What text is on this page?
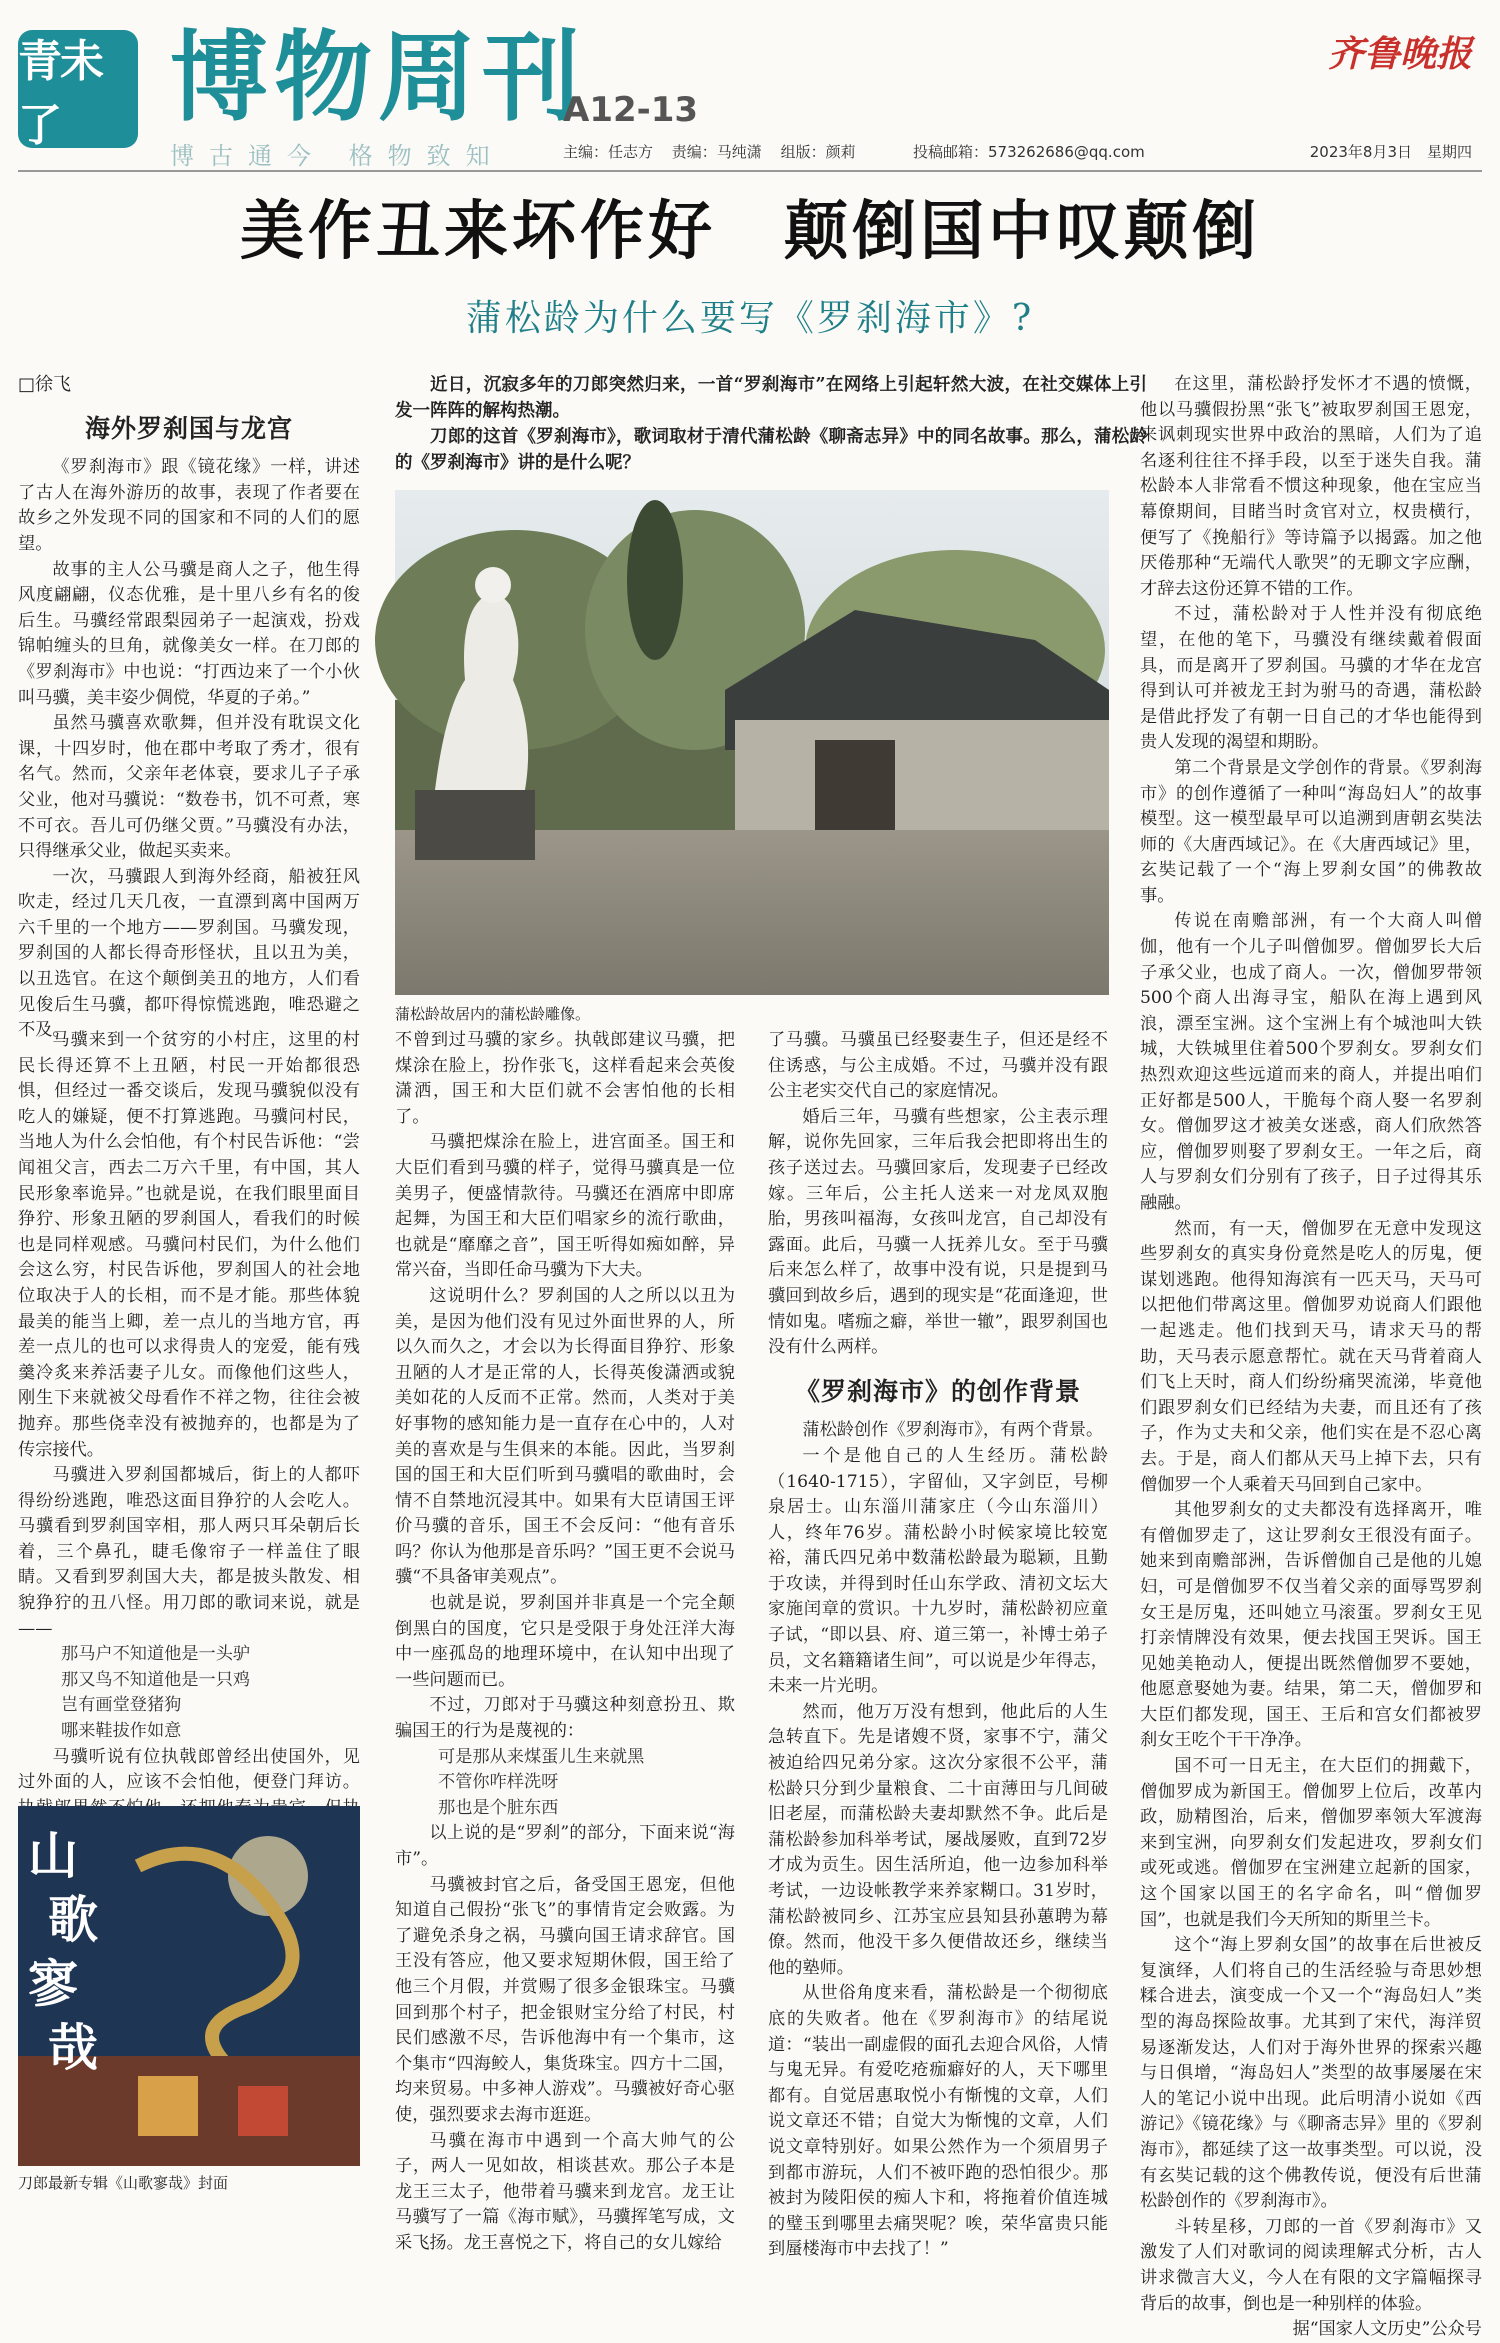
青未了	博物周刊
A12-13
博古通今 格物致知
齐鲁晚报
主编：任志方 责编：马纯潇 组版：颜莉	投稿邮箱：573262686@qq.com	2023年8月3日　星期四
美作丑来坏作好　颠倒国中叹颠倒
蒲松龄为什么要写《罗刹海市》?
□徐飞
海外罗刹国与龙宫

《罗刹海市》跟《镜花缘》一样，讲述了古人在海外游历的故事，表现了作者要在故乡之外发现不同的国家和不同的人们的愿望。

故事的主人公马骥是商人之子，他生得风度翩翩，仪态优雅，是十里八乡有名的俊后生。马骥经常跟梨园弟子一起演戏，扮戏锦帕缠头的旦角，就像美女一样。在刀郎的《罗刹海市》中也说：“打西边来了一个小伙叫马骥，美丰姿少倜傥，华夏的子弟。”

虽然马骥喜欢歌舞，但并没有耽误文化课，十四岁时，他在郡中考取了秀才，很有名气。然而，父亲年老体衰，要求儿子子承父业，他对马骥说：“数卷书，饥不可煮，寒不可衣。吾儿可仍继父贾。”马骥没有办法，只得继承父业，做起买卖来。

一次，马骥跟人到海外经商，船被狂风吹走，经过几天几夜，一直漂到离中国两万六千里的一个地方——罗刹国。马骥发现，罗刹国的人都长得奇形怪状，且以丑为美，以丑选官。在这个颠倒美丑的地方，人们看见俊后生马骥，都吓得惊慌逃跑，唯恐避之不及。

近日，沉寂多年的刀郎突然归来，一首“罗刹海市”在网络上引起轩然大波，在社交媒体上引发一阵阵的解构热潮。

刀郎的这首《罗刹海市》，歌词取材于清代蒲松龄《聊斋志异》中的同名故事。那么，蒲松龄的《罗刹海市》讲的是什么呢？

蒲松龄故居内的蒲松龄雕像。

在这里，蒲松龄抒发怀才不遇的愤慨，他以马骥假扮黑“张飞”被取罗刹国王恩宠，来讽刺现实世界中政治的黑暗，人们为了追名逐利往往不择手段，以至于迷失自我。蒲松龄本人非常看不惯这种现象，他在宝应当幕僚期间，目睹当时贪官对立，权贵横行，便写了《挽船行》等诗篇予以揭露。加之他厌倦那种“无端代人歌哭”的无聊文字应酬，才辞去这份还算不错的工作。

不过，蒲松龄对于人性并没有彻底绝望，在他的笔下，马骥没有继续戴着假面具，而是离开了罗刹国。马骥的才华在龙宫得到认可并被龙王封为驸马的奇遇，蒲松龄是借此抒发了有朝一日自己的才华也能得到贵人发现的渴望和期盼。

第二个背景是文学创作的背景。《罗刹海市》的创作遵循了一种叫“海岛妇人”的故事模型。这一模型最早可以追溯到唐朝玄奘法师的《大唐西域记》。在《大唐西域记》里，玄奘记载了一个“海上罗刹女国”的佛教故事。

传说在南赡部洲，有一个大商人叫僧伽，他有一个儿子叫僧伽罗。僧伽罗长大后子承父业，也成了商人。一次，僧伽罗带领500个商人出海寻宝，船队在海上遇到风浪，漂至宝洲。这个宝洲上有个城池叫大铁城，大铁城里住着500个罗刹女。罗刹女们热烈欢迎这些远道而来的商人，并提出咱们正好都是500人，干脆每个商人娶一名罗刹女。僧伽罗这才被美女迷惑，商人们欣然答应，僧伽罗则娶了罗刹女王。一年之后，商人与罗刹女们分别有了孩子，日子过得其乐融融。

然而，有一天，僧伽罗在无意中发现这些罗刹女的真实身份竟然是吃人的厉鬼，便谋划逃跑。他得知海滨有一匹天马，天马可以把他们带离这里。僧伽罗劝说商人们跟他一起逃走。他们找到天马，请求天马的帮助，天马表示愿意帮忙。就在天马背着商人们飞上天时，商人们纷纷痛哭流涕，毕竟他们跟罗刹女们已经结为夫妻，而且还有了孩子，作为丈夫和父亲，他们实在是不忍心离去。于是，商人们都从天马上掉下去，只有僧伽罗一个人乘着天马回到自己家中。

其他罗刹女的丈夫都没有选择离开，唯有僧伽罗走了，这让罗刹女王很没有面子。她来到南赡部洲，告诉僧伽自己是他的儿媳妇，可是僧伽罗不仅当着父亲的面辱骂罗刹女王是厉鬼，还叫她立马滚蛋。罗刹女王见打亲情牌没有效果，便去找国王哭诉。国王见她美艳动人，便提出既然僧伽罗不要她，他愿意娶她为妻。结果，第二天，僧伽罗和大臣们都发现，国王、王后和宫女们都被罗刹女王吃个干干净净。

国不可一日无主，在大臣们的拥戴下，僧伽罗成为新国王。僧伽罗上位后，改革内政，励精图治，后来，僧伽罗率领大军渡海来到宝洲，向罗刹女们发起进攻，罗刹女们或死或逃。僧伽罗在宝洲建立起新的国家，这个国家以国王的名字命名，叫“僧伽罗国”，也就是我们今天所知的斯里兰卡。

这个“海上罗刹女国”的故事在后世被反复演绎，人们将自己的生活经验与奇思妙想糅合进去，演变成一个又一个“海岛妇人”类型的海岛探险故事。尤其到了宋代，海洋贸易逐渐发达，人们对于海外世界的探索兴趣与日俱增，“海岛妇人”类型的故事屡屡在宋人的笔记小说中出现。此后明清小说如《西游记》《镜花缘》与《聊斋志异》里的《罗刹海市》，都延续了这一故事类型。可以说，没有玄奘记载的这个佛教传说，便没有后世蒲松龄创作的《罗刹海市》。

斗转星移，刀郎的一首《罗刹海市》又激发了人们对歌词的阅读理解式分析，古人讲求微言大义，今人在有限的文字篇幅探寻背后的故事，倒也是一种别样的体验。

据“国家人文历史”公众号

马骥来到一个贫穷的小村庄，这里的村民长得还算不上丑陋，村民一开始都很恐惧，但经过一番交谈后，发现马骥貌似没有吃人的嫌疑，便不打算逃跑。马骥问村民，当地人为什么会怕他，有个村民告诉他：“尝闻祖父言，西去二万六千里，有中国，其人民形象率诡异。”也就是说，在我们眼里面目狰狞、形象丑陋的罗刹国人，看我们的时候也是同样观感。马骥问村民们，为什么他们会这么穷，村民告诉他，罗刹国人的社会地位取决于人的长相，而不是才能。那些体貌最美的能当上卿，差一点儿的当地方官，再差一点儿的也可以求得贵人的宠爱，能有残羹冷炙来养活妻子儿女。而像他们这些人，刚生下来就被父母看作不祥之物，往往会被抛弃。那些侥幸没有被抛弃的，也都是为了传宗接代。

马骥进入罗刹国都城后，街上的人都吓得纷纷逃跑，唯恐这面目狰狞的人会吃人。马骥看到罗刹国宰相，那人两只耳朵朝后长着，三个鼻孔，睫毛像帘子一样盖住了眼睛。又看到罗刹国大夫，都是披头散发、相貌狰狞的丑八怪。用刀郎的歌词来说，就是——

那马户不知道他是一头驴
那又鸟不知道他是一只鸡
岂有画堂登猪狗
哪来鞋拔作如意

马骥听说有位执戟郎曾经出使国外，见过外面的人，应该不会怕他，便登门拜访。

不曾到过马骥的家乡。执戟郎建议马骥，把煤涂在脸上，扮作张飞，这样看起来会英俊潇洒，国王和大臣们就不会害怕他的长相了。

马骥把煤涂在脸上，进宫面圣。国王和大臣们看到马骥的样子，觉得马骥真是一位美男子，便盛情款待。马骥还在酒席中即席起舞，为国王和大臣们唱家乡的流行歌曲，也就是“靡靡之音”，国王听得如痴如醉，异常兴奋，当即任命马骥为下大夫。

这说明什么？罗刹国的人之所以以丑为美，是因为他们没有见过外面世界的人，所以久而久之，才会以为长得面目狰狞、形象丑陋的人才是正常的人，长得英俊潇洒或貌美如花的人反而不正常。然而，人类对于美好事物的感知能力是一直存在心中的，人对美的喜欢是与生俱来的本能。因此，当罗刹国的国王和大臣们听到马骥唱的歌曲时，会情不自禁地沉浸其中。如果有大臣请国王评价马骥的音乐，国王不会反问：“他有音乐吗？你认为他那是音乐吗？”国王更不会说马骥“不具备审美观点”。

也就是说，罗刹国并非真是一个完全颠倒黑白的国度，它只是受限于身处汪洋大海中一座孤岛的地理环境中，在认知中出现了一些问题而已。

不过，刀郎对于马骥这种刻意扮丑、欺骗国王的行为是蔑视的：

可是那从来煤蛋儿生来就黑
不管你咋样洗呀
那也是个脏东西

以上说的是“罗刹”的部分，下面来说“海市”。

马骥被封官之后，备受国王恩宠，但他知道自己假扮“张飞”的事情肯定会败露。为了避免杀身之祸，马骥向国王请求辞官。国王没有答应，他又要求短期休假，国王给了他三个月假，并赏赐了很多金银珠宝。马骥回到那个村子，把金银财宝分给了村民，村民们感激不尽，告诉他海中有一个集市，这个集市“四海鲛人，集货珠宝。四方十二国，均来贸易。中多神人游戏”。马骥被好奇心驱使，强烈要求去海市逛逛。

马骥在海市中遇到一个高大帅气的公子，两人一见如故，相谈甚欢。那公子本是龙王三太子，他带着马骥来到龙宫。龙王让马骥写了一篇《海市赋》，马骥挥笔写成，文采飞扬。龙王喜悦之下，将自己的女儿嫁给

了马骥。马骥虽已经娶妻生子，但还是经不住诱惑，与公主成婚。不过，马骥并没有跟公主老实交代自己的家庭情况。

婚后三年，马骥有些想家，公主表示理解，说你先回家，三年后我会把即将出生的孩子送过去。马骥回家后，发现妻子已经改嫁。三年后，公主托人送来一对龙凤双胞胎，男孩叫福海，女孩叫龙宫，自己却没有露面。此后，马骥一人抚养儿女。至于马骥后来怎么样了，故事中没有说，只是提到马骥回到故乡后，遇到的现实是“花面逢迎，世情如鬼。嗜痂之癖，举世一辙”，跟罗刹国也没有什么两样。

《罗刹海市》的创作背景

蒲松龄创作《罗刹海市》，有两个背景。

一个是他自己的人生经历。蒲松龄（1640-1715），字留仙，又字剑臣，号柳泉居士。山东淄川蒲家庄（今山东淄川）人，终年76岁。蒲松龄小时候家境比较宽裕，蒲氏四兄弟中数蒲松龄最为聪颖，且勤于攻读，并得到时任山东学政、清初文坛大家施闰章的赏识。十九岁时，蒲松龄初应童子试，“即以县、府、道三第一，补博士弟子员，文名籍籍诸生间”，可以说是少年得志，未来一片光明。

然而，他万万没有想到，他此后的人生急转直下。先是诸嫂不贤，家事不宁，蒲父被迫给四兄弟分家。这次分家很不公平，蒲松龄只分到少量粮食、二十亩薄田与几间破旧老屋，而蒲松龄夫妻却默然不争。此后是蒲松龄参加科举考试，屡战屡败，直到72岁才成为贡生。因生活所迫，他一边参加科举考试，一边设帐教学来养家糊口。31岁时，蒲松龄被同乡、江苏宝应县知县孙蕙聘为幕僚。然而，他没干多久便借故还乡，继续当他的塾师。

从世俗角度来看，蒲松龄是一个彻彻底底的失败者。他在《罗刹海市》的结尾说道：“装出一副虚假的面孔去迎合风俗，人情与鬼无异。有爱吃疮痂癖好的人，天下哪里都有。自觉居惠取悦小有惭愧的文章，人们说文章还不错；自觉大为惭愧的文章，人们说文章特别好。如果公然作为一个须眉男子到都市游玩，人们不被吓跑的恐怕很少。那被封为陵阳侯的痴人卞和，将拖着价值连城的璧玉到哪里去痛哭呢？唉，荣华富贵只能到蜃楼海市中去找了！”

山
歌
寥
哉
刀郎最新专辑《山歌寥哉》封面
